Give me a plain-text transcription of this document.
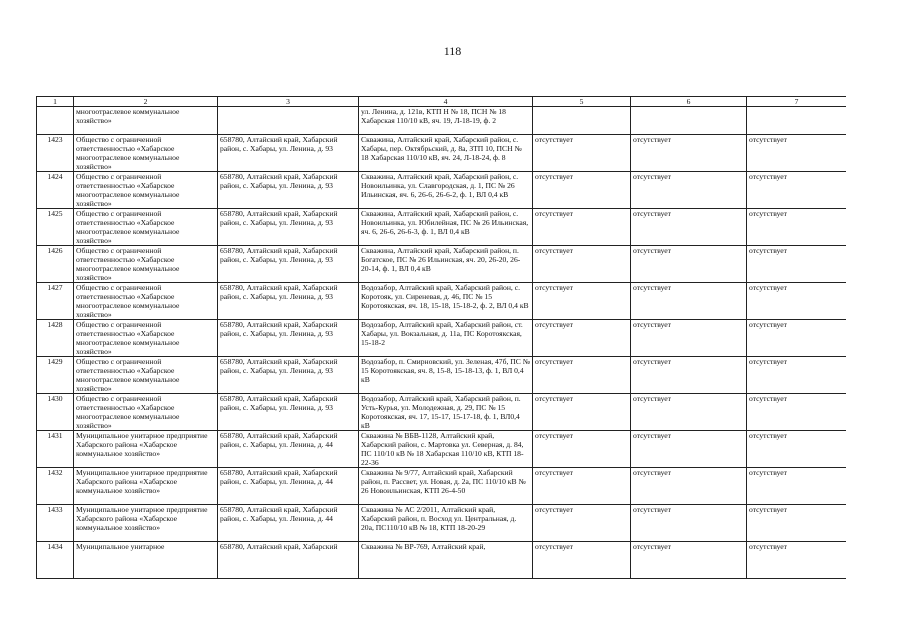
118
1	2	3	4	5	6	7
	многоотраслевое коммунальное хозяйство»		ул. Ленина, д. 121в, КТП Н № 18, ПСН № 18 Хабарская 110/10 кВ, яч. 19, Л-18-19, ф. 2			
1423	Общество с ограниченной ответственностью «Хабарское многоотраслевое коммунальное хозяйство»	658780, Алтайский край, Хабарский район, с. Хабары, ул. Ленина, д. 93	Скважина, Алтайский край, Хабарский район, с. Хабары, пер. Октябрьский, д. 8а, ЗТП 10, ПСН № 18 Хабарская 110/10 кВ, яч. 24, Л-18-24, ф. 8	отсутствует	отсутствует	отсутствует
1424	Общество с ограниченной ответственностью «Хабарское многоотраслевое коммунальное хозяйство»	658780, Алтайский край, Хабарский район, с. Хабары, ул. Ленина, д. 93	Скважина, Алтайский край, Хабарский район, с. Новоильинка, ул. Славгородская, д. 1, ПС № 26 Ильинская, яч. 6, 26-6, 26-6-2, ф. 1, ВЛ 0,4 кВ	отсутствует	отсутствует	отсутствует
1425	Общество с ограниченной ответственностью «Хабарское многоотраслевое коммунальное хозяйство»	658780, Алтайский край, Хабарский район, с. Хабары, ул. Ленина, д. 93	Скважина, Алтайский край, Хабарский район, с. Новоильинка, ул. Юбилейная, ПС № 26 Ильинская, яч. 6, 26-6, 26-6-3, ф. 1, ВЛ 0,4 кВ	отсутствует	отсутствует	отсутствует
1426	Общество с ограниченной ответственностью «Хабарское многоотраслевое коммунальное хозяйство»	658780, Алтайский край, Хабарский район, с. Хабары, ул. Ленина, д. 93	Скважина, Алтайский край, Хабарский район, п. Богатское, ПС № 26 Ильинская, яч. 20, 26-20, 26-20-14, ф. 1, ВЛ 0,4 кВ	отсутствует	отсутствует	отсутствует
1427	Общество с ограниченной ответственностью «Хабарское многоотраслевое коммунальное хозяйство»	658780, Алтайский край, Хабарский район, с. Хабары, ул. Ленина, д. 93	Водозабор, Алтайский край, Хабарский район, с. Коротояк, ул. Сиреневая, д. 46, ПС № 15 Коротоякская, яч. 18, 15-18, 15-18-2, ф. 2, ВЛ 0,4 кВ	отсутствует	отсутствует	отсутствует
1428	Общество с ограниченной ответственностью «Хабарское многоотраслевое коммунальное хозяйство»	658780, Алтайский край, Хабарский район, с. Хабары, ул. Ленина, д. 93	Водозабор, Алтайский край, Хабарский район, ст. Хабары, ул. Вокзальная, д. 11а, ПС Коротоякская, 15-18-2	отсутствует	отсутствует	отсутствует
1429	Общество с ограниченной ответственностью «Хабарское многоотраслевое коммунальное хозяйство»	658780, Алтайский край, Хабарский район, с. Хабары, ул. Ленина, д. 93	Водозабор, п. Смирновский, ул. Зеленая, 47б, ПС № 15 Коротоякская, яч. 8, 15-8, 15-18-13, ф. 1, ВЛ 0,4 кВ	отсутствует	отсутствует	отсутствует
1430	Общество с ограниченной ответственностью «Хабарское многоотраслевое коммунальное хозяйство»	658780, Алтайский край, Хабарский район, с. Хабары, ул. Ленина, д. 93	Водозабор, Алтайский край, Хабарский район, п. Усть-Курья, ул. Молодежная, д. 29, ПС № 15 Коротоякская, яч. 17, 15-17, 15-17-18, ф. 1, ВЛ0,4 кВ	отсутствует	отсутствует	отсутствует
1431	Муниципальное унитарное предприятие Хабарского района «Хабарское коммунальное хозяйство»	658780, Алтайский край, Хабарский район, с. Хабары, ул. Ленина, д. 44	Скважина № ВБВ-1128, Алтайский край, Хабарский район, с. Мартовка ул. Северная, д. 84, ПС 110/10 кВ № 18 Хабарская 110/10 кВ, КТП 18-22-36	отсутствует	отсутствует	отсутствует
1432	Муниципальное унитарное предприятие Хабарского района «Хабарское коммунальное хозяйство»	658780, Алтайский край, Хабарский район, с. Хабары, ул. Ленина, д. 44	Скважина № 9/77, Алтайский край, Хабарский район, п. Рассвет, ул. Новая, д. 2а, ПС 110/10 кВ № 26 Новоильинская, КТП 26-4-50	отсутствует	отсутствует	отсутствует
1433	Муниципальное унитарное предприятие Хабарского района «Хабарское коммунальное хозяйство»	658780, Алтайский край, Хабарский район, с. Хабары, ул. Ленина, д. 44	Скважина № АС 2/2011, Алтайский край, Хабарский район, п. Восход ул. Центральная, д. 20а, ПС110/10 кВ № 18, КТП 18-20-29	отсутствует	отсутствует	отсутствует
1434	Муниципальное унитарное	658780, Алтайский край, Хабарский	Скважина № ВР-769, Алтайский край,	отсутствует	отсутствует	отсутствует
